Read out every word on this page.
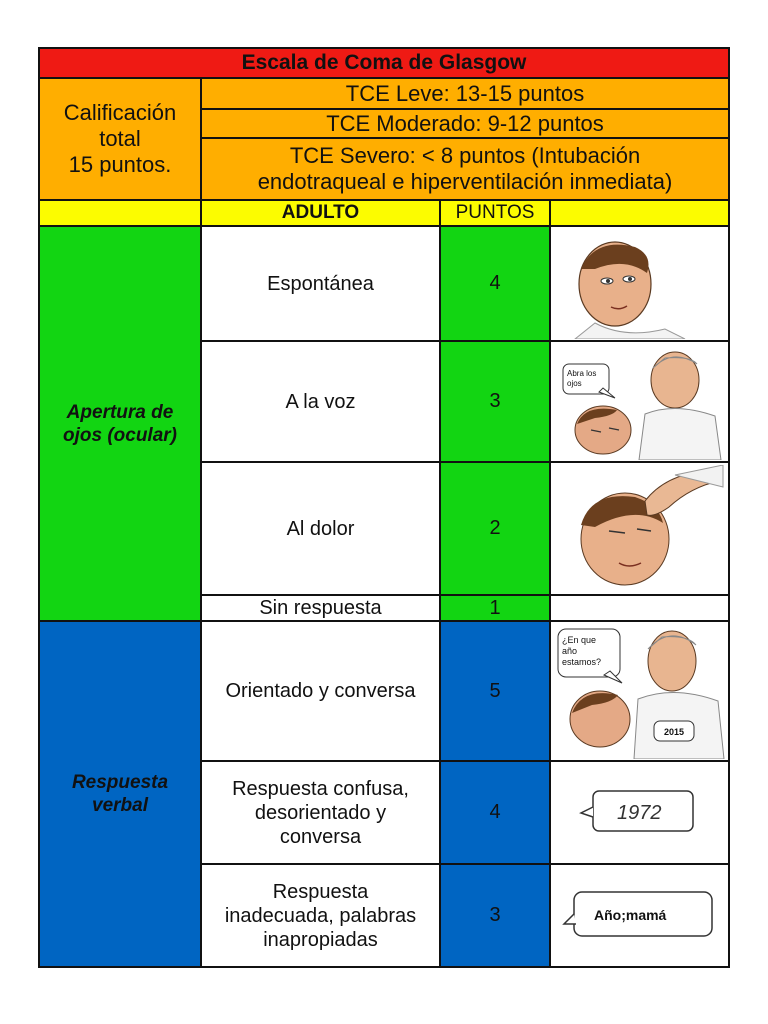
Escala de Coma de Glasgow
Calificación
total
15 puntos.
TCE Leve: 13-15 puntos
TCE Moderado: 9-12 puntos
TCE Severo: < 8 puntos (Intubación
endotraqueal e hiperventilación inmediata)
ADULTO	PUNTOS
Apertura de
ojos (ocular)
Espontánea	4
A la voz	3
Abra los
ojos
Al dolor	2
Sin respuesta	1
Respuesta
verbal
Orientado y conversa	5
¿En que
año
estamos?
2015
Respuesta confusa,
desorientado y
conversa
4	1972
Respuesta
inadecuada, palabras
inapropiadas
3	Año;mamá
